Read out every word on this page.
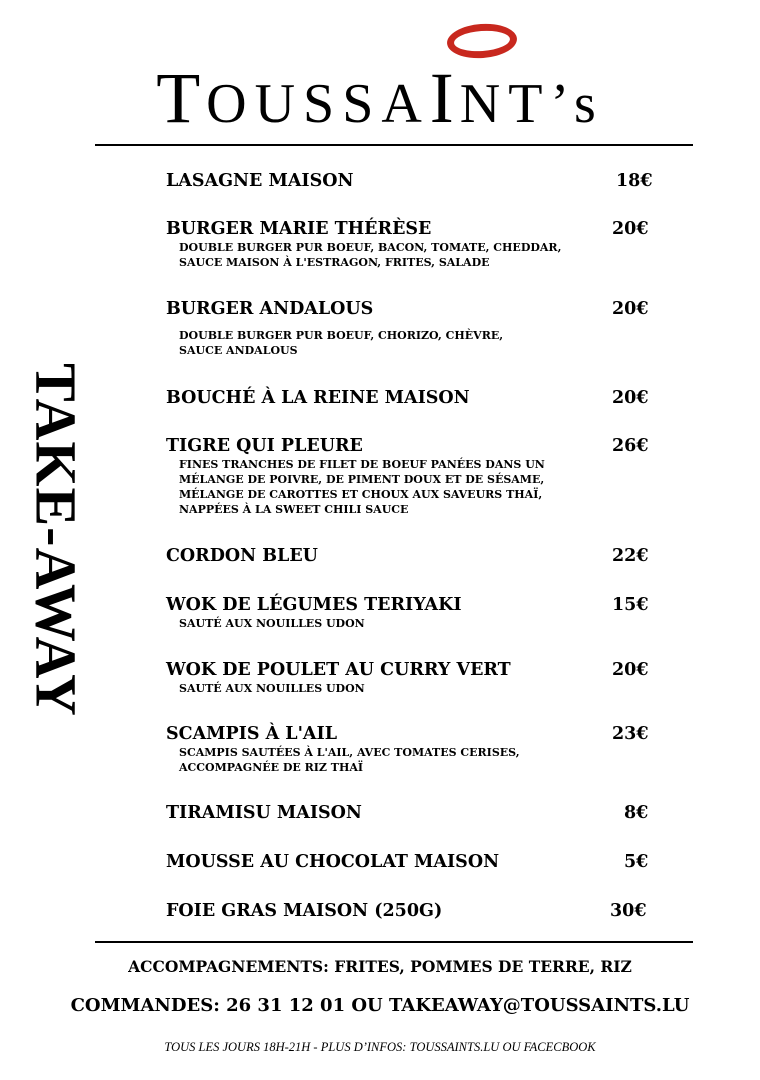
TOUSSAINT’s
TAKE-AWAY
LASAGNE MAISON	18€
BURGER MARIE THÉRÈSE	20€
DOUBLE BURGER PUR BOEUF, BACON, TOMATE, CHEDDAR,
SAUCE MAISON À L'ESTRAGON, FRITES, SALADE
BURGER ANDALOUS	20€
DOUBLE BURGER PUR BOEUF, CHORIZO, CHÈVRE,
SAUCE ANDALOUS
BOUCHÉ À LA REINE MAISON	20€
TIGRE QUI PLEURE	26€
FINES TRANCHES DE FILET DE BOEUF PANÉES DANS UN
MÉLANGE DE POIVRE, DE PIMENT DOUX ET DE SÉSAME,
MÉLANGE DE CAROTTES ET CHOUX AUX SAVEURS THAÏ,
NAPPÉES À LA SWEET CHILI SAUCE
CORDON BLEU	22€
WOK DE LÉGUMES TERIYAKI	15€
SAUTÉ AUX NOUILLES UDON
WOK DE POULET AU CURRY VERT	20€
SAUTÉ AUX NOUILLES UDON
SCAMPIS À L'AIL	23€
SCAMPIS SAUTÉES À L'AIL, AVEC TOMATES CERISES,
ACCOMPAGNÉE DE RIZ THAÏ
TIRAMISU MAISON	8€
MOUSSE AU CHOCOLAT MAISON	5€
FOIE GRAS MAISON (250G)	30€
ACCOMPAGNEMENTS: FRITES, POMMES DE TERRE, RIZ
COMMANDES: 26 31 12 01 OU TAKEAWAY@TOUSSAINTS.LU
TOUS LES JOURS 18H-21H - PLUS D’INFOS: TOUSSAINTS.LU OU FACECBOOK
